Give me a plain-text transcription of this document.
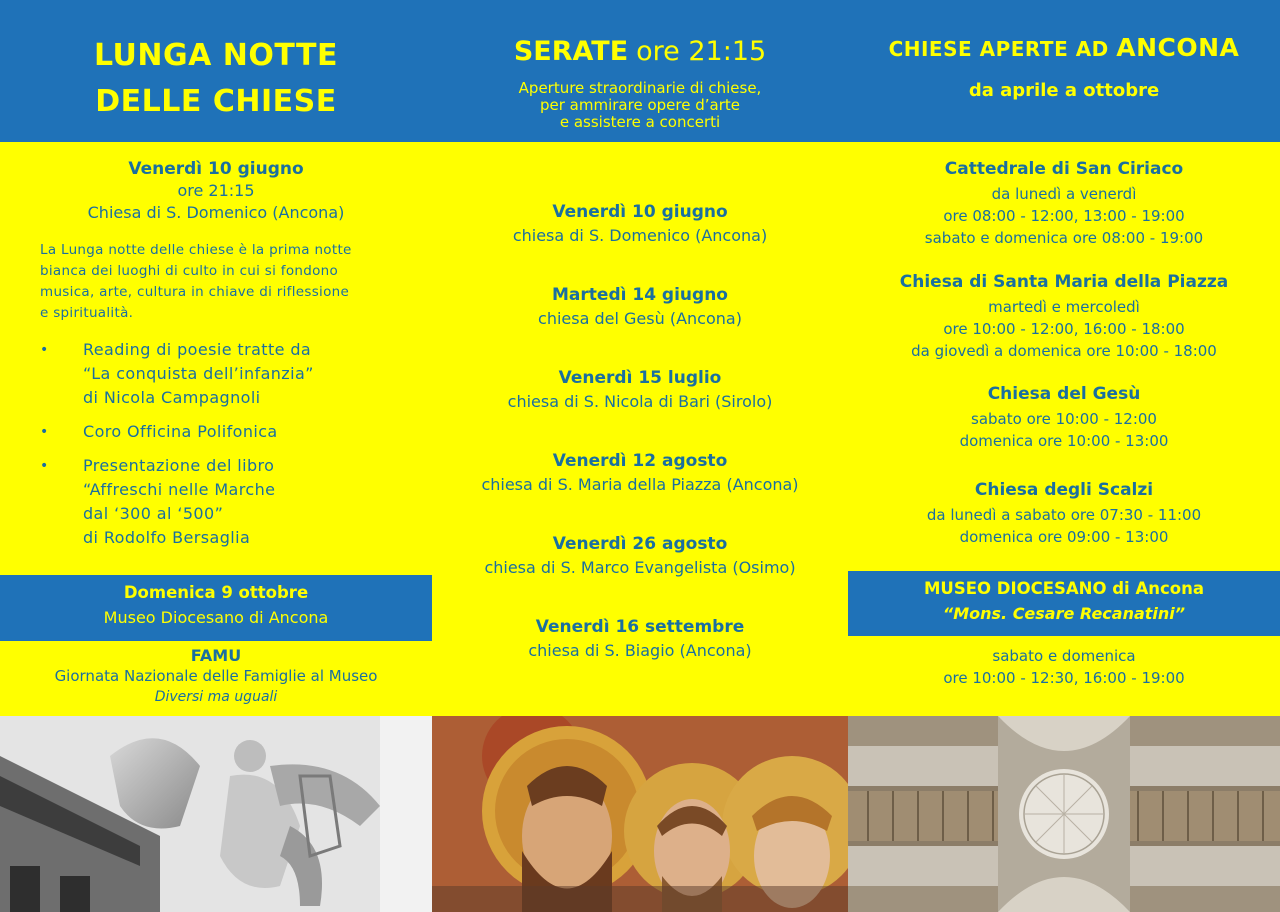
LUNGA NOTTE
DELLE CHIESE
Venerdì 10 giugno
ore 21:15
Chiesa di S. Domenico (Ancona)
La Lunga notte delle chiese è la prima notte
bianca dei luoghi di culto in cui si fondono
musica, arte, cultura in chiave di riflessione
e spiritualità.
• Reading di poesie tratte da
“La conquista dell’infanzia”
di Nicola Campagnoli
• Coro Officina Polifonica
• Presentazione del libro
“Affreschi nelle Marche
dal ‘300 al ‘500”
di Rodolfo Bersaglia
Domenica 9 ottobre
Museo Diocesano di Ancona
FAMU
Giornata Nazionale delle Famiglie al Museo
Diversi ma uguali
SERATE ore 21:15
Aperture straordinarie di chiese,
per ammirare opere d’arte
e assistere a concerti
Venerdì 10 giugno
chiesa di S. Domenico (Ancona)
Martedì 14 giugno
chiesa del Gesù (Ancona)
Venerdì 15 luglio
chiesa di S. Nicola di Bari (Sirolo)
Venerdì 12 agosto
chiesa di S. Maria della Piazza (Ancona)
Venerdì 26 agosto
chiesa di S. Marco Evangelista (Osimo)
Venerdì 16 settembre
chiesa di S. Biagio (Ancona)
CHIESE APERTE AD ANCONA
da aprile a ottobre
Cattedrale di San Ciriaco
da lunedì a venerdì
ore 08:00 - 12:00, 13:00 - 19:00
sabato e domenica ore 08:00 - 19:00
Chiesa di Santa Maria della Piazza
martedì e mercoledì
ore 10:00 - 12:00, 16:00 - 18:00
da giovedì a domenica ore 10:00 - 18:00
Chiesa del Gesù
sabato ore 10:00 - 12:00
domenica ore 10:00 - 13:00
Chiesa degli Scalzi
da lunedì a sabato ore 07:30 - 11:00
domenica ore 09:00 - 13:00
MUSEO DIOCESANO di Ancona
“Mons. Cesare Recanatini”
sabato e domenica
ore 10:00 - 12:30, 16:00 - 19:00
